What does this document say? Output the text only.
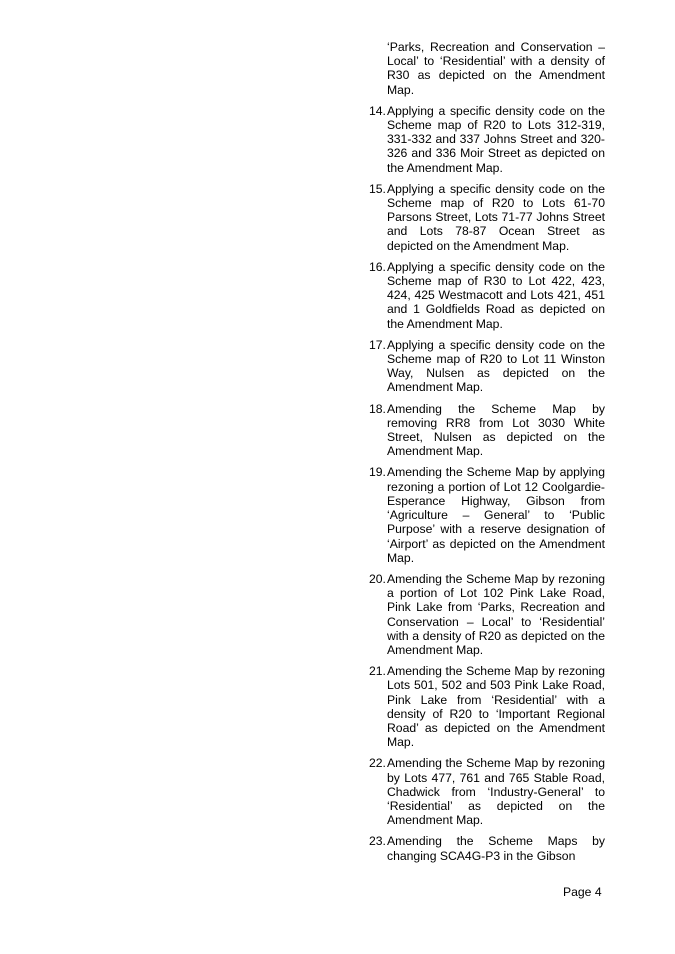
‘Parks, Recreation and Conservation – Local’ to ‘Residential’ with a density of R30 as depicted on the Amendment Map.
14. Applying a specific density code on the Scheme map of R20 to Lots 312-319, 331-332 and 337 Johns Street and 320-326 and 336 Moir Street as depicted on the Amendment Map.
15. Applying a specific density code on the Scheme map of R20 to Lots 61-70 Parsons Street, Lots 71-77 Johns Street and Lots 78-87 Ocean Street as depicted on the Amendment Map.
16. Applying a specific density code on the Scheme map of R30 to Lot 422, 423, 424, 425 Westmacott and Lots 421, 451 and 1 Goldfields Road as depicted on the Amendment Map.
17. Applying a specific density code on the Scheme map of R20 to Lot 11 Winston Way, Nulsen as depicted on the Amendment Map.
18. Amending the Scheme Map by removing RR8 from Lot 3030 White Street, Nulsen as depicted on the Amendment Map.
19. Amending the Scheme Map by applying rezoning a portion of Lot 12 Coolgardie-Esperance Highway, Gibson from ‘Agriculture – General’ to ‘Public Purpose’ with a reserve designation of ‘Airport’ as depicted on the Amendment Map.
20. Amending the Scheme Map by rezoning a portion of Lot 102 Pink Lake Road, Pink Lake from ‘Parks, Recreation and Conservation – Local’ to ‘Residential’ with a density of R20 as depicted on the Amendment Map.
21. Amending the Scheme Map by rezoning Lots 501, 502 and 503 Pink Lake Road, Pink Lake from ‘Residential’ with a density of R20 to ‘Important Regional Road’ as depicted on the Amendment Map.
22. Amending the Scheme Map by rezoning by Lots 477, 761 and 765 Stable Road, Chadwick from ‘Industry-General’ to ‘Residential’ as depicted on the Amendment Map.
23. Amending the Scheme Maps by changing SCA4G-P3 in the Gibson
Page 4
